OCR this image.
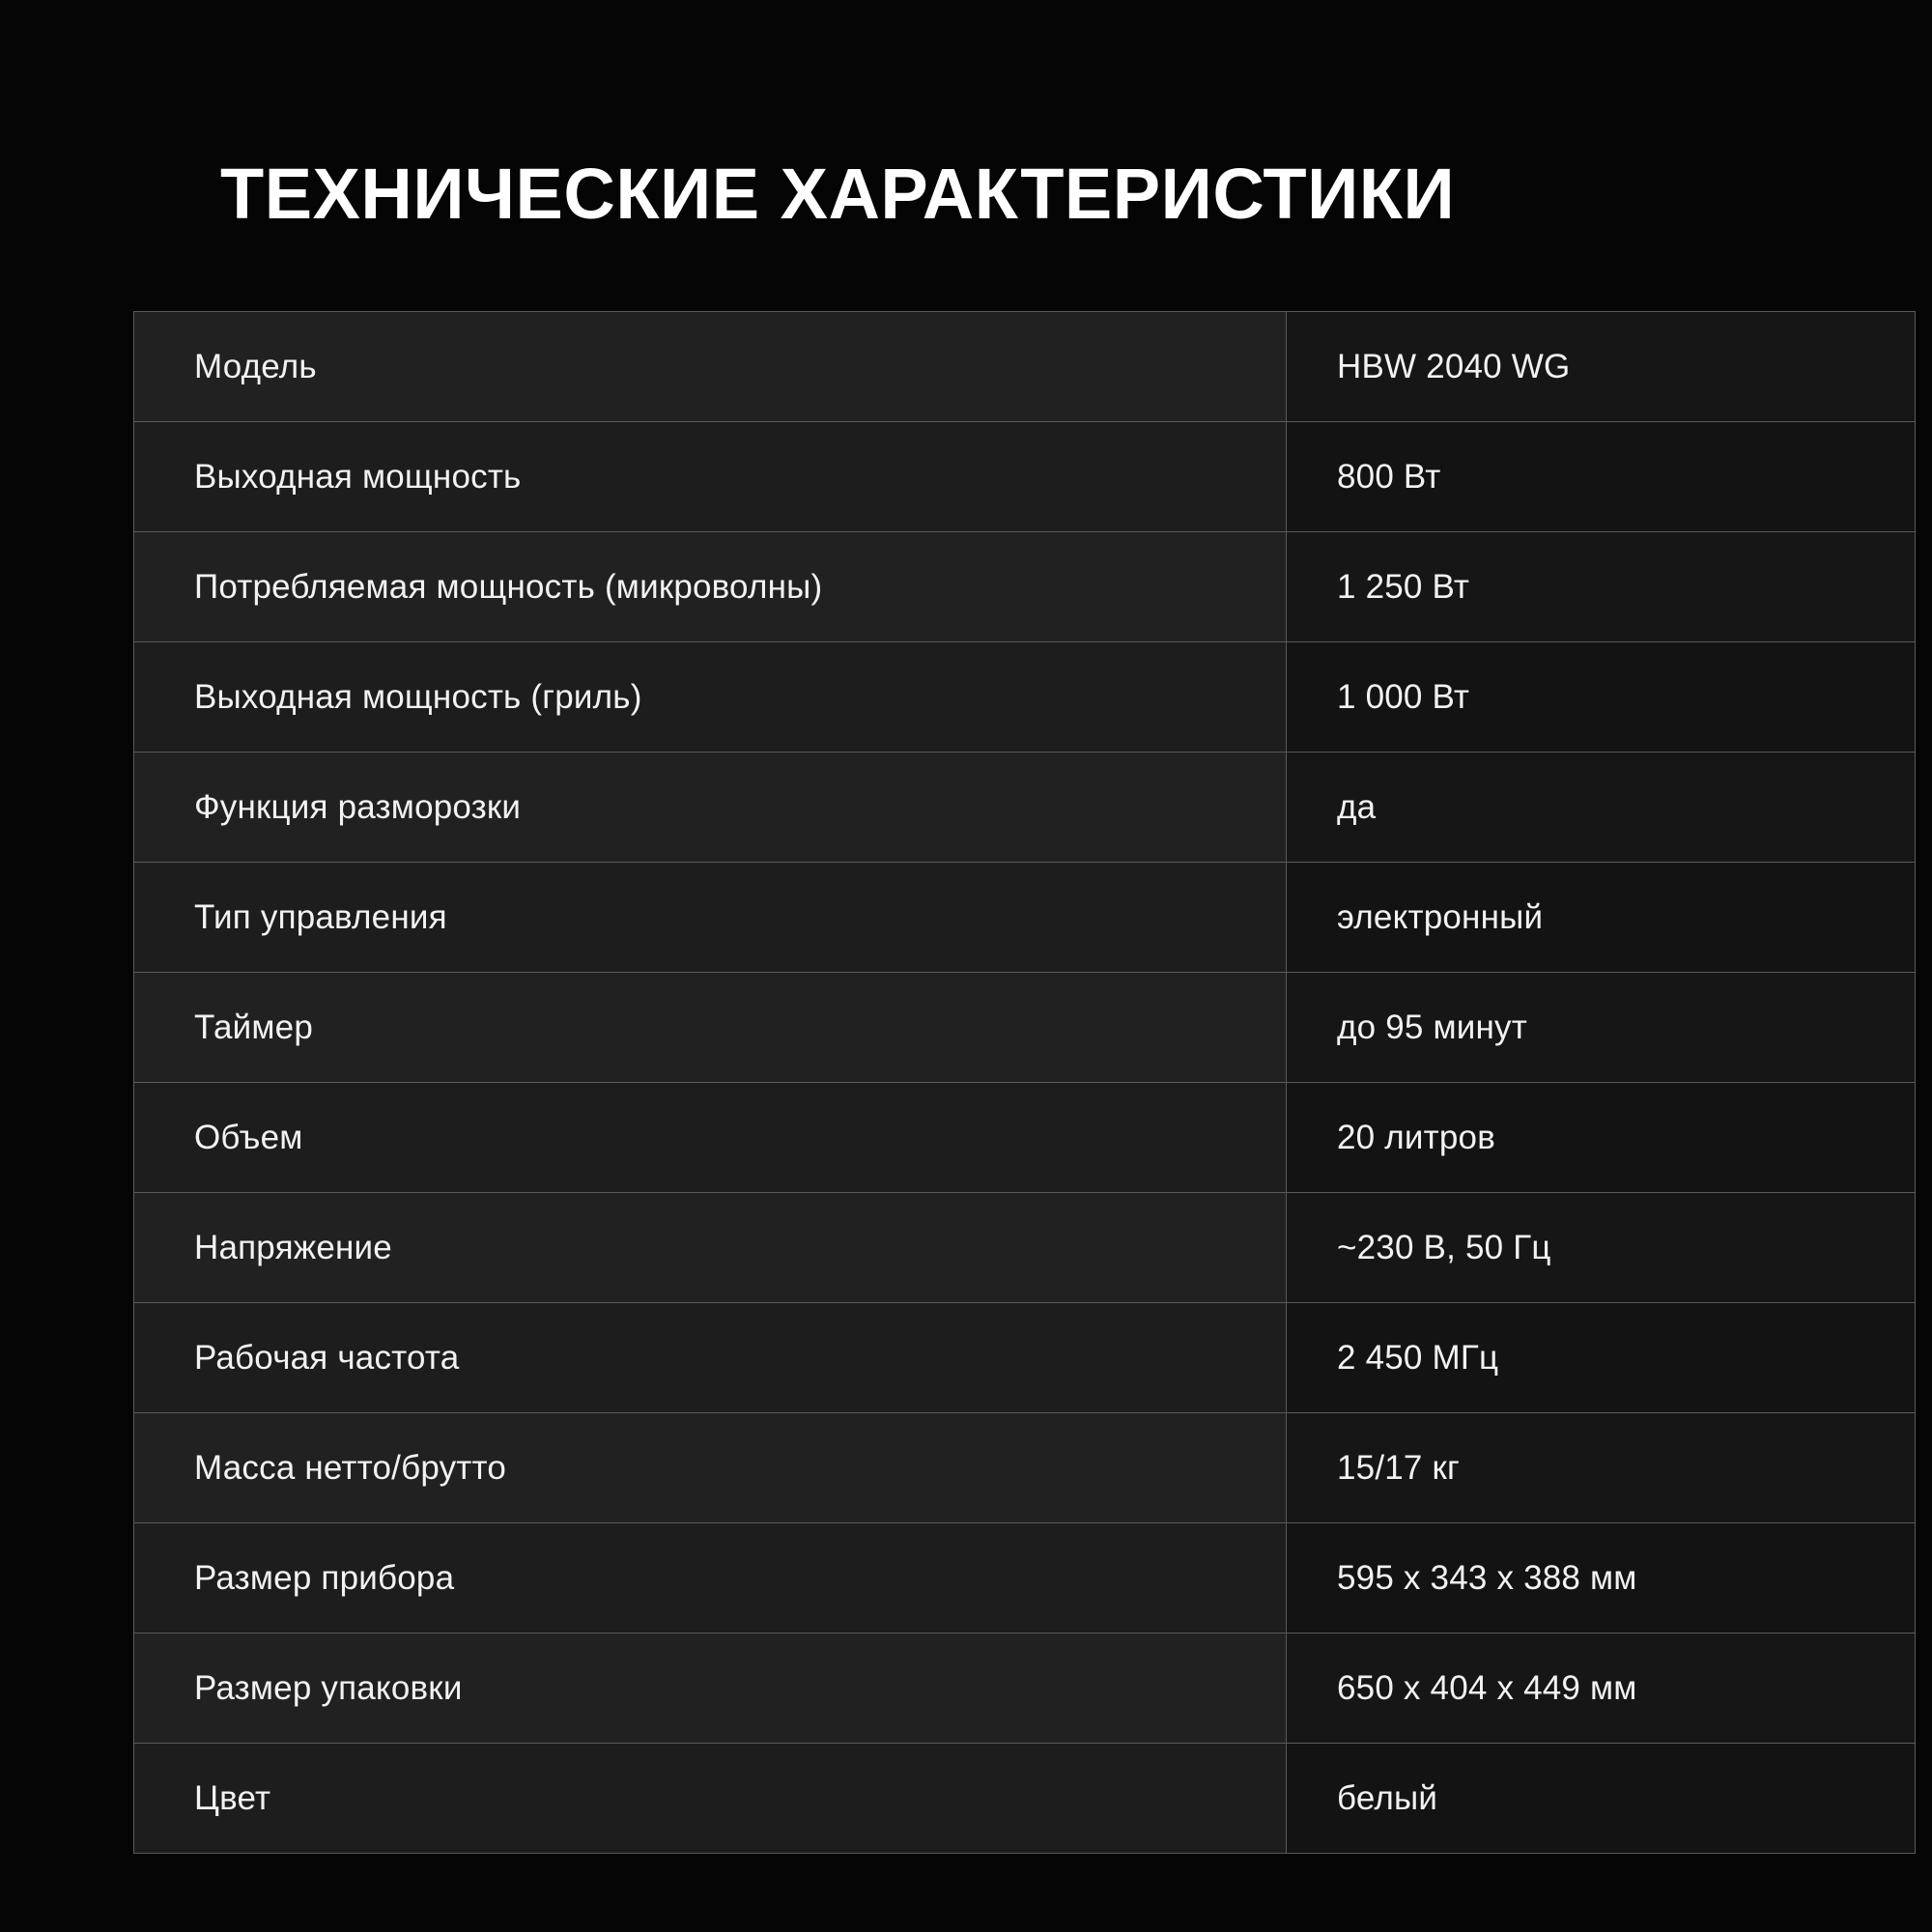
ТЕХНИЧЕСКИЕ ХАРАКТЕРИСТИКИ
Модель	HBW 2040 WG
Выходная мощность	800 Вт
Потребляемая мощность (микроволны)	1 250 Вт
Выходная мощность (гриль)	1 000 Вт
Функция разморозки	да
Тип управления	электронный
Таймер	до 95 минут
Объем	20 литров
Напряжение	~230 В, 50 Гц
Рабочая частота	2 450 МГц
Масса нетто/брутто	15/17 кг
Размер прибора	595 x 343 x 388 мм
Размер упаковки	650 x 404 x 449 мм
Цвет	белый
